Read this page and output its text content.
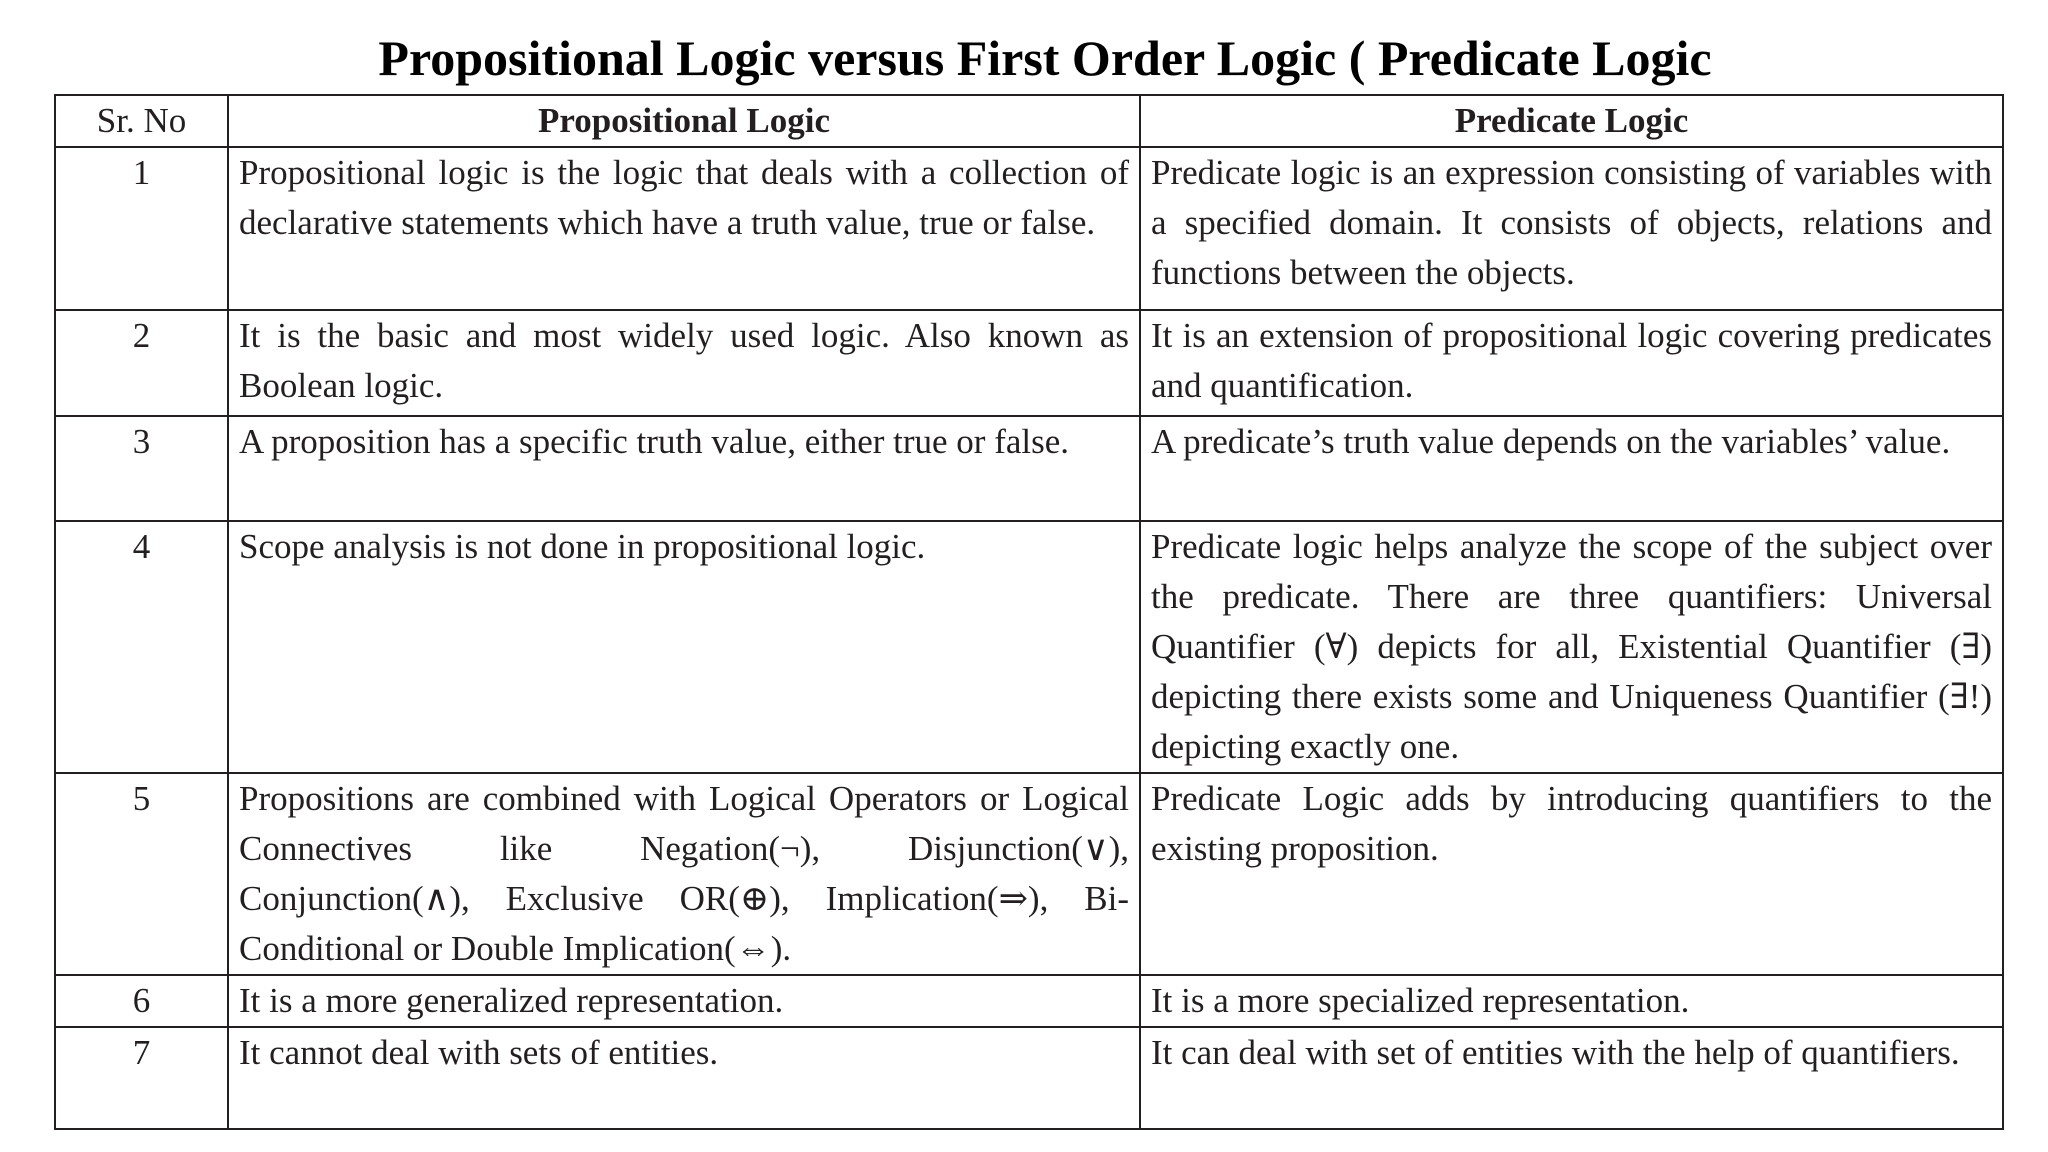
Propositional Logic versus First Order Logic ( Predicate Logic
Sr. No	Propositional Logic	Predicate Logic
1	Propositional logic is the logic that deals with a collection of declarative statements which have a truth value, true or false.	Predicate logic is an expression consisting of variables with a specified domain. It consists of objects, relations and functions between the objects.
2	It is the basic and most widely used logic. Also known as Boolean logic.	It is an extension of propositional logic covering predicates and quantification.
3	A proposition has a specific truth value, either true or false.	A predicate’s truth value depends on the variables’ value.
4	Scope analysis is not done in propositional logic.	Predicate logic helps analyze the scope of the subject over the predicate. There are three quantifiers: Universal Quantifier (∀) depicts for all, Existential Quantifier (∃) depicting there exists some and Uniqueness Quantifier (∃!) depicting exactly one.
5	Propositions are combined with Logical Operators or Logical Connectives like Negation(¬), Disjunction(∨), Conjunction(∧), Exclusive OR(⊕), Implication(⇒), Bi-Conditional or Double Implication(⇔).	Predicate Logic adds by introducing quantifiers to the existing proposition.
6	It is a more generalized representation.	It is a more specialized representation.
7	It cannot deal with sets of entities.	It can deal with set of entities with the help of quantifiers.
